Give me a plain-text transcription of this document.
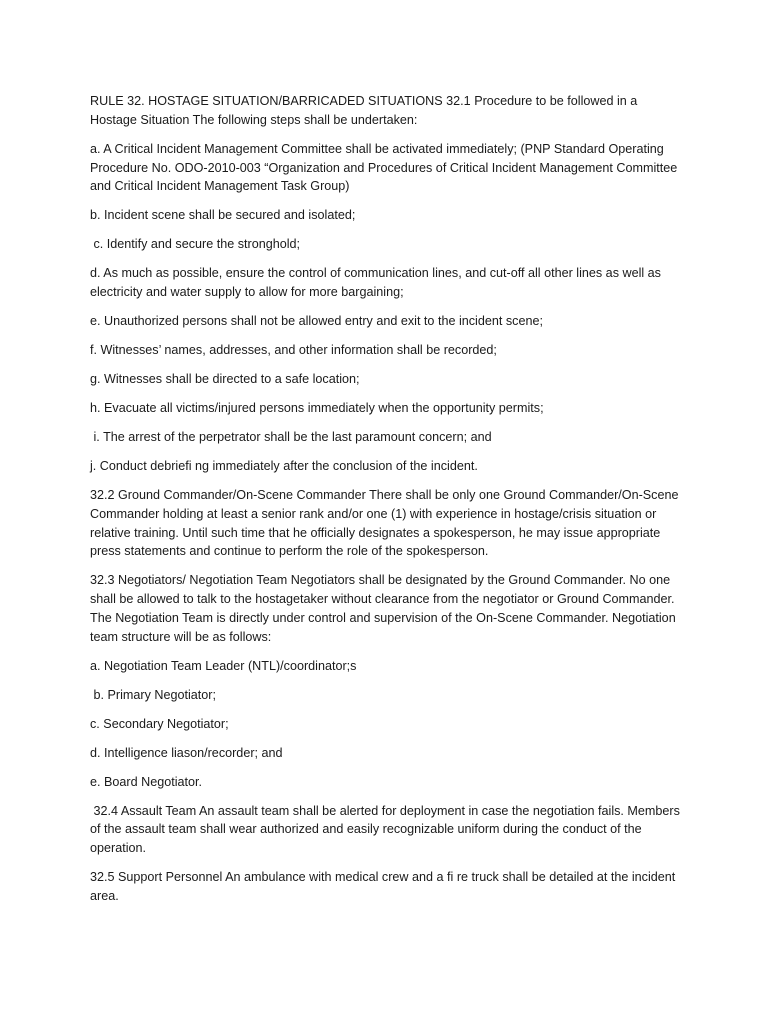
RULE 32. HOSTAGE SITUATION/BARRICADED SITUATIONS 32.1 Procedure to be followed in a Hostage Situation The following steps shall be undertaken:

a. A Critical Incident Management Committee shall be activated immediately; (PNP Standard Operating Procedure No. ODO-2010-003 “Organization and Procedures of Critical Incident Management Committee and Critical Incident Management Task Group)

b. Incident scene shall be secured and isolated;

c. Identify and secure the stronghold;

d. As much as possible, ensure the control of communication lines, and cut-off all other lines as well as electricity and water supply to allow for more bargaining;

e. Unauthorized persons shall not be allowed entry and exit to the incident scene;

f. Witnesses’ names, addresses, and other information shall be recorded;

g. Witnesses shall be directed to a safe location;

h. Evacuate all victims/injured persons immediately when the opportunity permits;

i. The arrest of the perpetrator shall be the last paramount concern; and

j. Conduct debriefi ng immediately after the conclusion of the incident.

32.2 Ground Commander/On-Scene Commander There shall be only one Ground Commander/On-Scene Commander holding at least a senior rank and/or one (1) with experience in hostage/crisis situation or relative training. Until such time that he officially designates a spokesperson, he may issue appropriate press statements and continue to perform the role of the spokesperson.

32.3 Negotiators/ Negotiation Team Negotiators shall be designated by the Ground Commander. No one shall be allowed to talk to the hostagetaker without clearance from the negotiator or Ground Commander. The Negotiation Team is directly under control and supervision of the On-Scene Commander. Negotiation team structure will be as follows:

a. Negotiation Team Leader (NTL)/coordinator;s

b. Primary Negotiator;

c. Secondary Negotiator;

d. Intelligence liason/recorder; and

e. Board Negotiator.

32.4 Assault Team An assault team shall be alerted for deployment in case the negotiation fails. Members of the assault team shall wear authorized and easily recognizable uniform during the conduct of the operation.

32.5 Support Personnel An ambulance with medical crew and a fi re truck shall be detailed at the incident area.
